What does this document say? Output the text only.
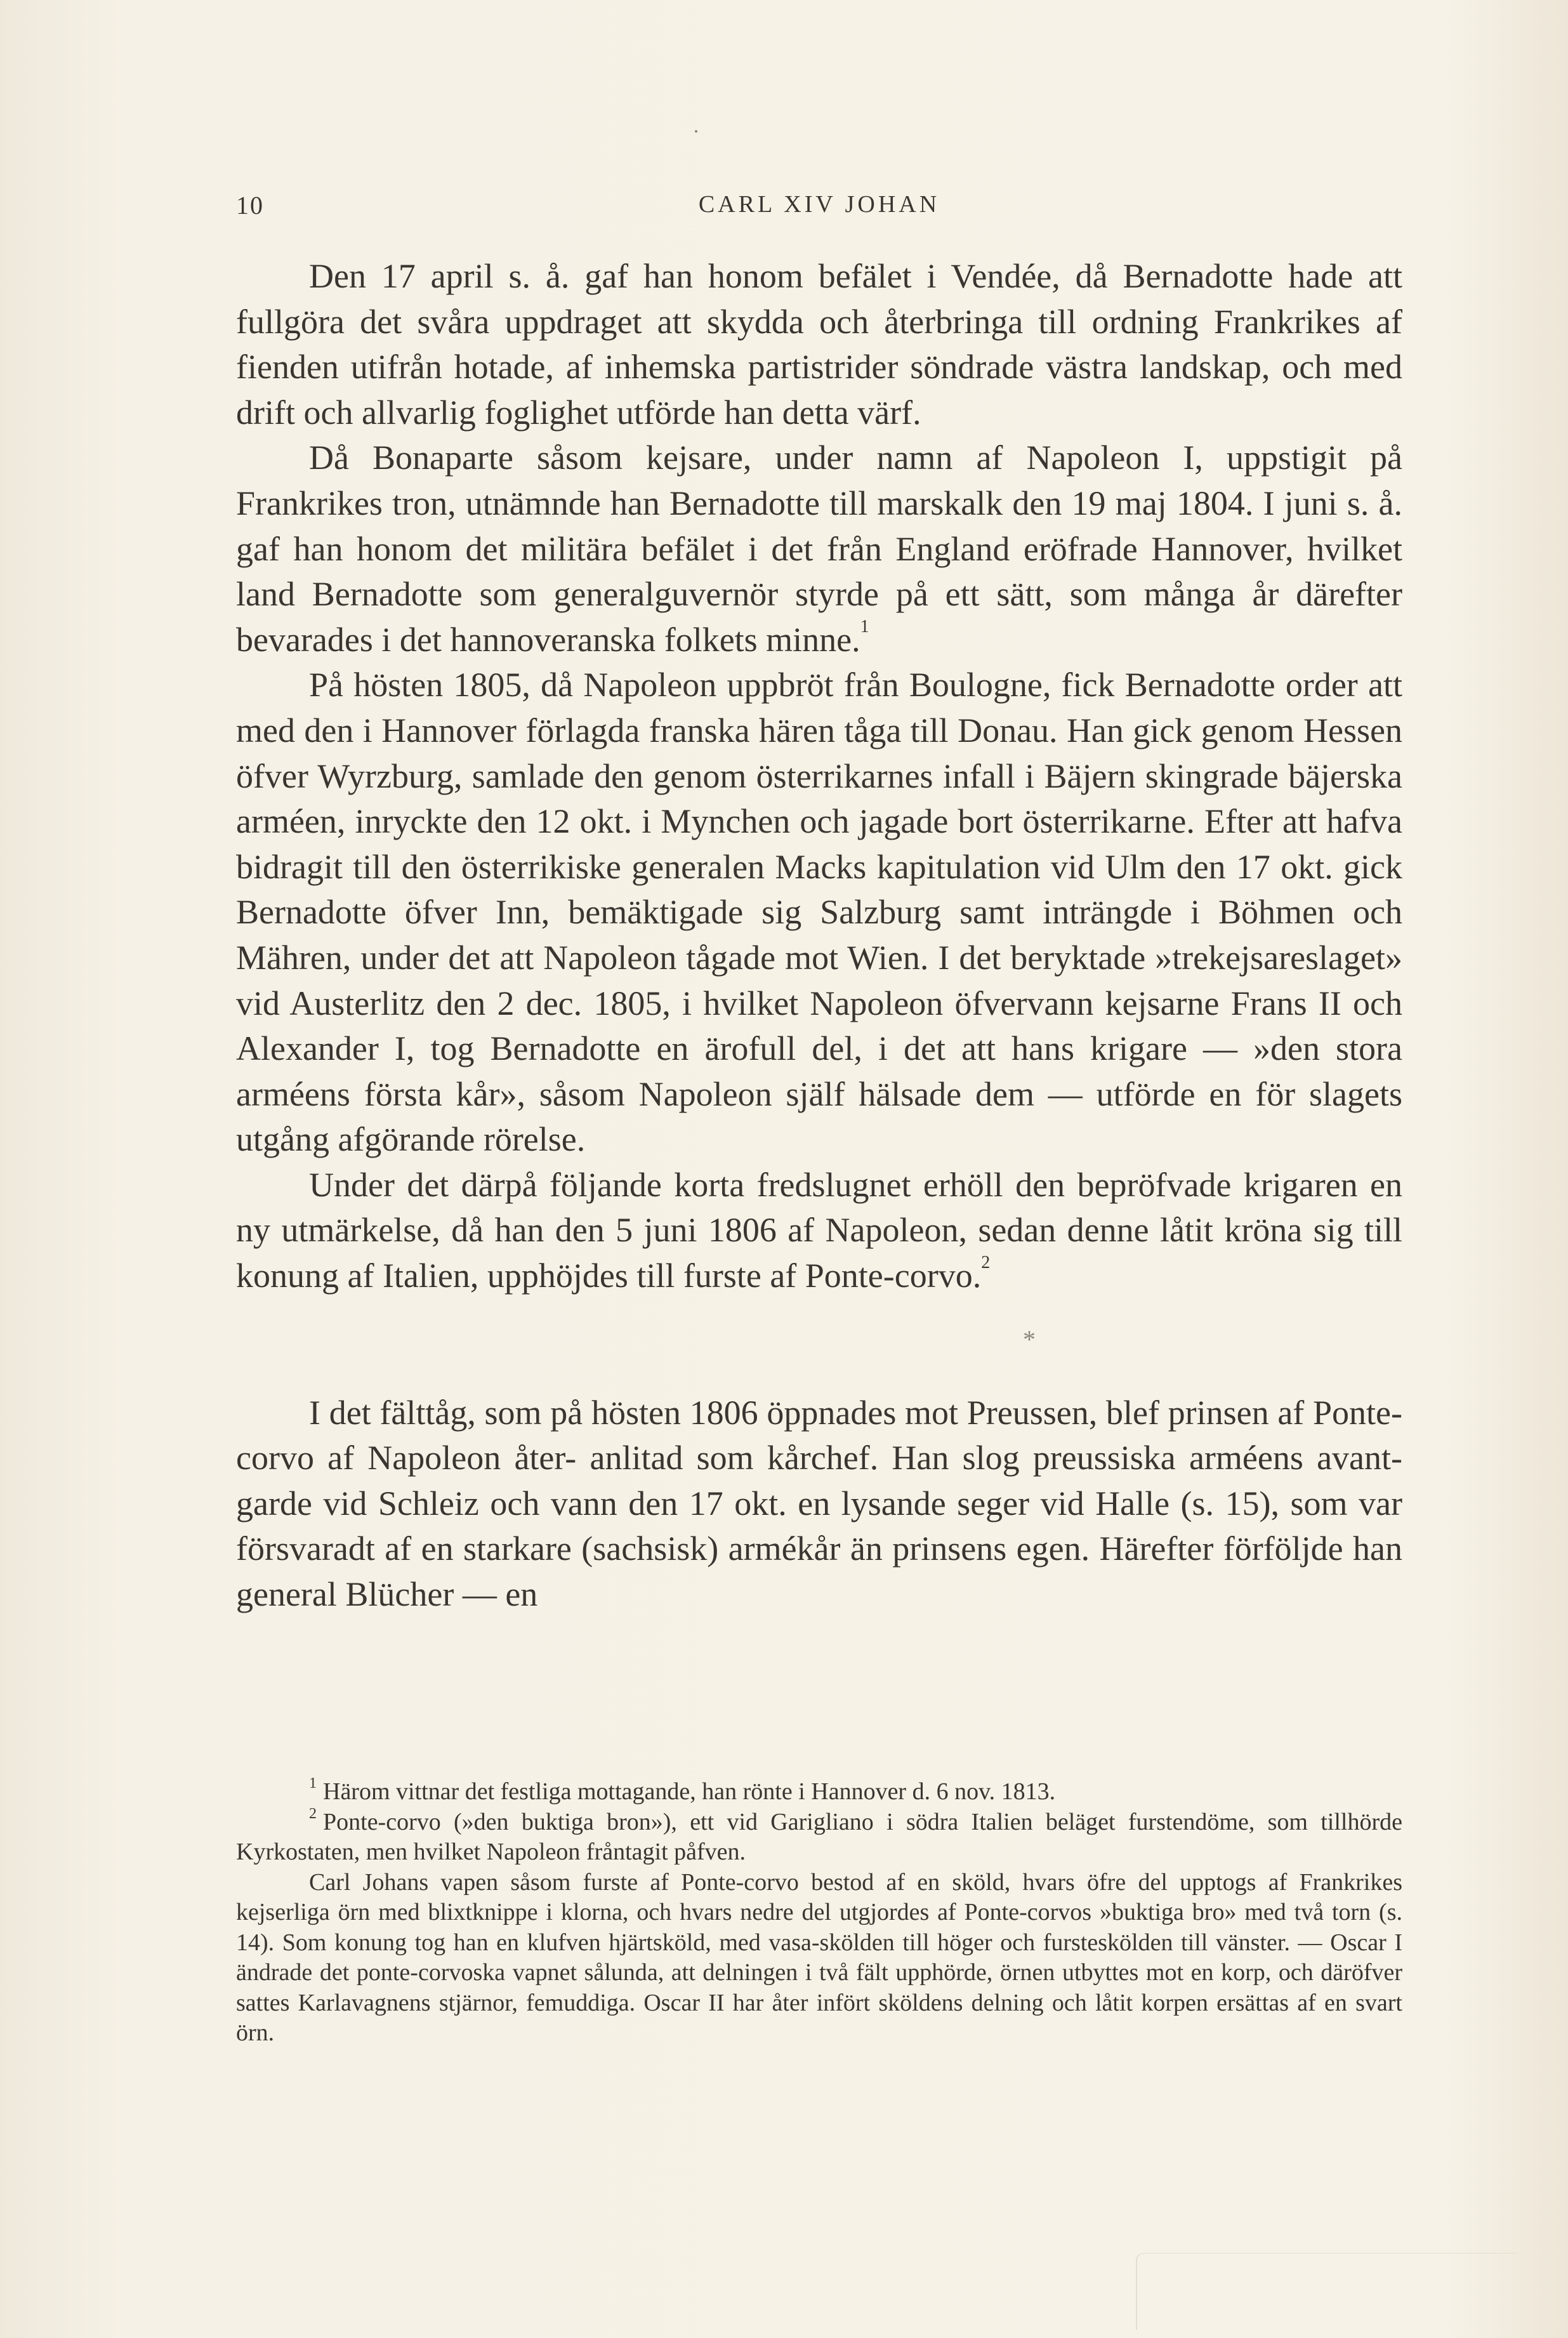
10	CARL XIV JOHAN

Den 17 april s. å. gaf han honom befälet i Vendée, då Bernadotte hade att fullgöra det svåra uppdraget att skydda och återbringa till ordning Frankrikes af fienden utifrån hotade, af inhemska partistrider söndrade västra landskap, och med drift och allvarlig foglighet utförde han detta värf.

Då Bonaparte såsom kejsare, under namn af Napoleon I, uppstigit på Frankrikes tron, utnämnde han Bernadotte till marskalk den 19 maj 1804. I juni s. å. gaf han honom det militära befälet i det från England eröfrade Hannover, hvilket land Bernadotte som generalguvernör styrde på ett sätt, som många år därefter bevarades i det hannoveranska folkets minne.$^1$

På hösten 1805, då Napoleon uppbröt från Boulogne, fick Bernadotte order att med den i Hannover förlagda franska hären tåga till Donau. Han gick genom Hessen öfver Wyrzburg, samlade den genom österrikarnes infall i Bäjern skingrade bäjerska arméen, inryckte den 12 okt. i Mynchen och jagade bort österrikarne. Efter att hafva bidragit till den österrikiske generalen Macks kapitulation vid Ulm den 17 okt. gick Bernadotte öfver Inn, bemäktigade sig Salzburg samt inträngde i Böhmen och Mähren, under det att Napoleon tågade mot Wien. I det beryktade »trekejsareslaget» vid Austerlitz den 2 dec. 1805, i hvilket Napoleon öfvervann kejsarne Frans II och Alexander I, tog Bernadotte en ärofull del, i det att hans krigare — »den stora arméens första kår», såsom Napoleon själf hälsade dem — utförde en för slagets utgång afgörande rörelse.

Under det därpå följande korta fredslugnet erhöll den bepröfvade krigaren en ny utmärkelse, då han den 5 juni 1806 af Napoleon, sedan denne låtit kröna sig till konung af Italien, upphöjdes till furste af Ponte-corvo.$^2$

*

I det fälttåg, som på hösten 1806 öppnades mot Preussen, blef prinsen af Ponte-corvo af Napoleon åter- anlitad som kårchef. Han slog preussiska arméens avant-garde vid Schleiz och vann den 17 okt. en lysande seger vid Halle (s. 15), som var försvaradt af en starkare (sachsisk) armékår än prinsens egen. Härefter förföljde han general Blücher — en

$^1$ Härom vittnar det festliga mottagande, han rönte i Hannover d. 6 nov. 1813.

$^2$ Ponte-corvo (»den buktiga bron»), ett vid Garigliano i södra Italien beläget furstendöme, som tillhörde Kyrkostaten, men hvilket Napoleon fråntagit påfven.

Carl Johans vapen såsom furste af Ponte-corvo bestod af en sköld, hvars öfre del upptogs af Frankrikes kejserliga örn med blixtknippe i klorna, och hvars nedre del utgjordes af Ponte-corvos »buktiga bro» med två torn (s. 14). Som konung tog han en klufven hjärtsköld, med vasa-skölden till höger och fursteskölden till vänster. — Oscar I ändrade det ponte-corvoska vapnet sålunda, att delningen i två fält upphörde, örnen utbyttes mot en korp, och däröfver sattes Karlavagnens stjärnor, femuddiga. Oscar II har åter infört sköldens delning och låtit korpen ersättas af en svart örn.
